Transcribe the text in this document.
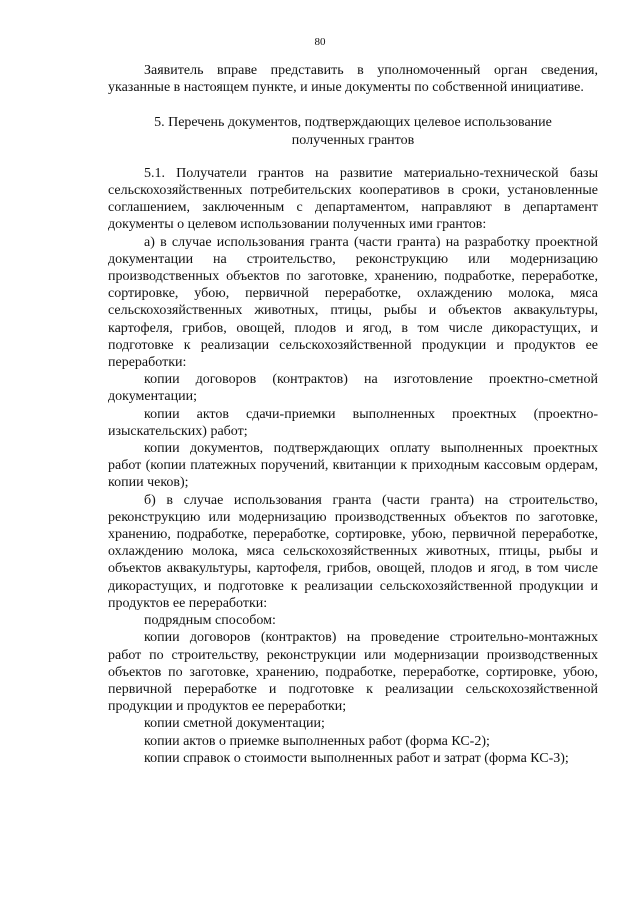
80

Заявитель вправе представить в уполномоченный орган сведения, указанные в настоящем пункте, и иные документы по собственной инициативе.

5. Перечень документов, подтверждающих целевое использование
полученных грантов

5.1. Получатели грантов на развитие материально-технической базы сельскохозяйственных потребительских кооперативов в сроки, установленные соглашением, заключенным с департаментом, направляют в департамент документы о целевом использовании полученных ими грантов:

а) в случае использования гранта (части гранта) на разработку проектной документации на строительство, реконструкцию или модернизацию производственных объектов по заготовке, хранению, подработке, переработке, сортировке, убою, первичной переработке, охлаждению молока, мяса сельскохозяйственных животных, птицы, рыбы и объектов аквакультуры, картофеля, грибов, овощей, плодов и ягод, в том числе дикорастущих, и подготовке к реализации сельскохозяйственной продукции и продуктов ее переработки:

копии договоров (контрактов) на изготовление проектно-сметной документации;

копии актов сдачи-приемки выполненных проектных (проектно-изыскательских) работ;

копии документов, подтверждающих оплату выполненных проектных работ (копии платежных поручений, квитанции к приходным кассовым ордерам, копии чеков);

б) в случае использования гранта (части гранта) на строительство, реконструкцию или модернизацию производственных объектов по заготовке, хранению, подработке, переработке, сортировке, убою, первичной переработке, охлаждению молока, мяса сельскохозяйственных животных, птицы, рыбы и объектов аквакультуры, картофеля, грибов, овощей, плодов и ягод, в том числе дикорастущих, и подготовке к реализации сельскохозяйственной продукции и продуктов ее переработки:

подрядным способом:

копии договоров (контрактов) на проведение строительно-монтажных работ по строительству, реконструкции или модернизации производственных объектов по заготовке, хранению, подработке, переработке, сортировке, убою, первичной переработке и подготовке к реализации сельскохозяйственной продукции и продуктов ее переработки;

копии сметной документации;

копии актов о приемке выполненных работ (форма КС-2);

копии справок о стоимости выполненных работ и затрат (форма КС-3);
